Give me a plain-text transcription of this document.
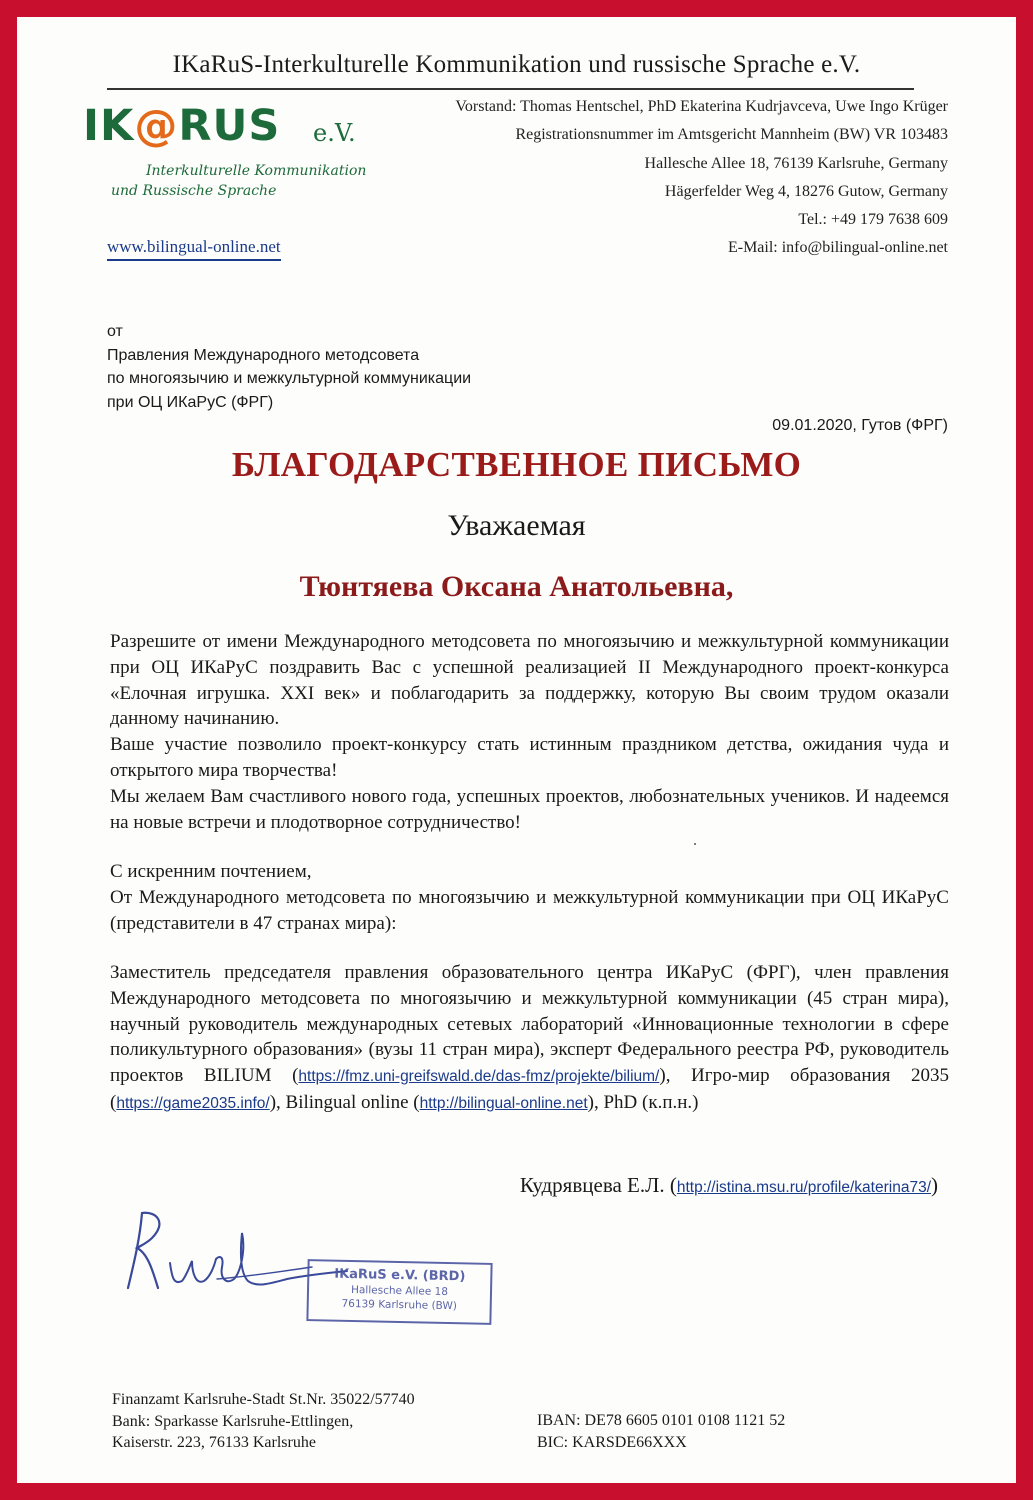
IKaRuS-Interkulturelle Kommunikation und russische Sprache e.V.
IK@RUS e.V.
Interkulturelle Kommunikation
und Russische Sprache
www.bilingual-online.net
Vorstand: Thomas Hentschel, PhD Ekaterina Kudrjavceva, Uwe Ingo Krüger
Registrationsnummer im Amtsgericht Mannheim (BW) VR 103483
Hallesche Allee 18, 76139 Karlsruhe, Germany
Hägerfelder Weg 4, 18276 Gutow, Germany
Tel.: +49 179 7638 609
E-Mail: info@bilingual-online.net
от
Правления Международного методсовета
по многоязычию и межкультурной коммуникации
при ОЦ ИКаРуС (ФРГ)
09.01.2020, Гутов (ФРГ)
БЛАГОДАРСТВЕННОЕ ПИСЬМО
Уважаемая
Тюнтяева Оксана Анатольевна,
Разрешите от имени Международного методсовета по многоязычию и межкультурной коммуникации при ОЦ ИКаРуС поздравить Вас с успешной реализацией II Международного проект-конкурса «Елочная игрушка. XXI век» и поблагодарить за поддержку, которую Вы своим трудом оказали данному начинанию.
Ваше участие позволило проект-конкурсу стать истинным праздником детства, ожидания чуда и открытого мира творчества!
Мы желаем Вам счастливого нового года, успешных проектов, любознательных учеников. И надеемся на новые встречи и плодотворное сотрудничество!
С искренним почтением,
От Международного методсовета по многоязычию и межкультурной коммуникации при ОЦ ИКаРуС (представители в 47 странах мира):
Заместитель председателя правления образовательного центра ИКаРуС (ФРГ), член правления Международного методсовета по многоязычию и межкультурной коммуникации (45 стран мира), научный руководитель международных сетевых лабораторий «Инновационные технологии в сфере поликультурного образования» (вузы 11 стран мира), эксперт Федерального реестра РФ, руководитель проектов BILIUM (https://fmz.uni-greifswald.de/das-fmz/projekte/bilium/), Игро-мир образования 2035 (https://game2035.info/), Bilingual online (http://bilingual-online.net), PhD (к.п.н.)
Кудрявцева Е.Л. (http://istina.msu.ru/profile/katerina73/)
IKaRuS e.V. (BRD)
Hallesche Allee 18
76139 Karlsruhe (BW)
Finanzamt Karlsruhe-Stadt St.Nr. 35022/57740
Bank: Sparkasse Karlsruhe-Ettlingen,
Kaiserstr. 223, 76133 Karlsruhe
IBAN: DE78 6605 0101 0108 1121 52
BIC: KARSDE66XXX
